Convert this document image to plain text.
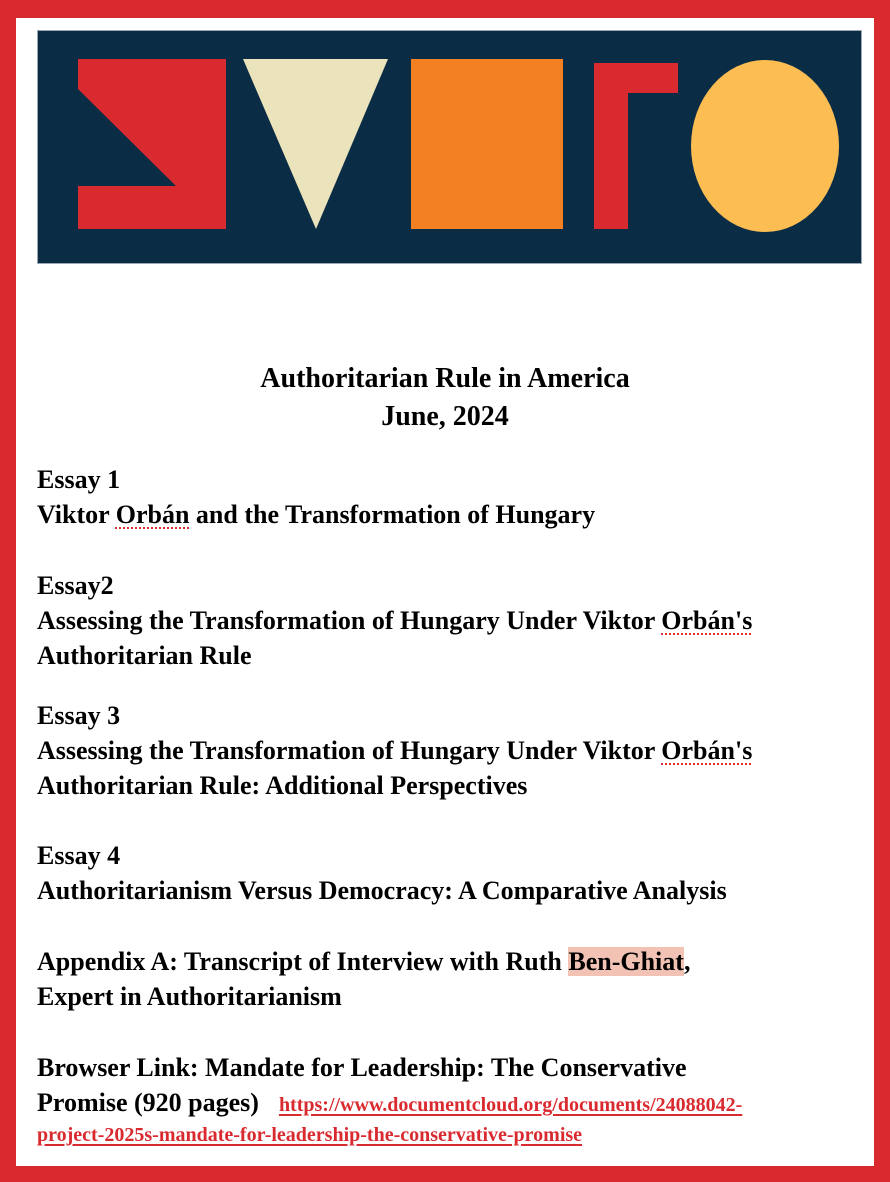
Authoritarian Rule in America
June, 2024
Essay 1
Viktor Orbán and the Transformation of Hungary
Essay2
Assessing the Transformation of Hungary Under Viktor Orbán's
Authoritarian Rule
Essay 3
Assessing the Transformation of Hungary Under Viktor Orbán's
Authoritarian Rule: Additional Perspectives
Essay 4
Authoritarianism Versus Democracy: A Comparative Analysis
Appendix A: Transcript of Interview with Ruth Ben-Ghiat,
Expert in Authoritarianism
Browser Link: Mandate for Leadership: The Conservative
Promise (920 pages) https://www.documentcloud.org/documents/24088042-
project-2025s-mandate-for-leadership-the-conservative-promise
